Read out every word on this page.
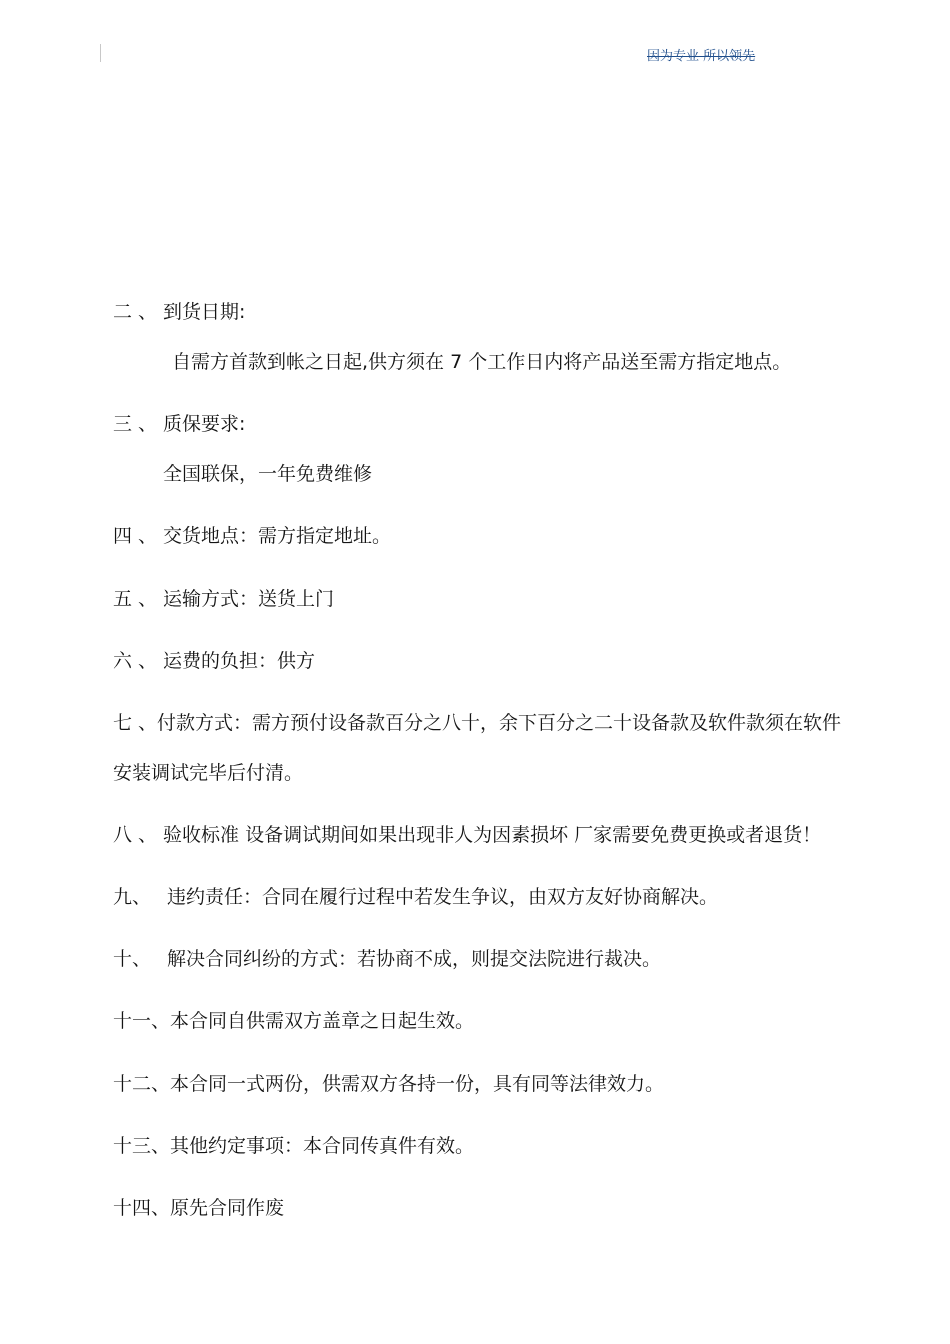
因为专业 所以领先
二 、 到货日期:
自需方首款到帐之日起,供方须在 7 个工作日内将产品送至需方指定地点。
三 、 质保要求:
全国联保，一年免费维修
四 、 交货地点：需方指定地址。
五 、 运输方式：送货上门
六 、 运费的负担：供方
七 、付款方式：需方预付设备款百分之八十，余下百分之二十设备款及软件款须在软件
安装调试完毕后付清。
八 、 验收标准 设备调试期间如果出现非人为因素损坏 厂家需要免费更换或者退货！
九、 违约责任：合同在履行过程中若发生争议，由双方友好协商解决。
十、 解决合同纠纷的方式：若协商不成，则提交法院进行裁决。
十一、本合同自供需双方盖章之日起生效。
十二、本合同一式两份，供需双方各持一份，具有同等法律效力。
十三、其他约定事项：本合同传真件有效。
十四、原先合同作废
